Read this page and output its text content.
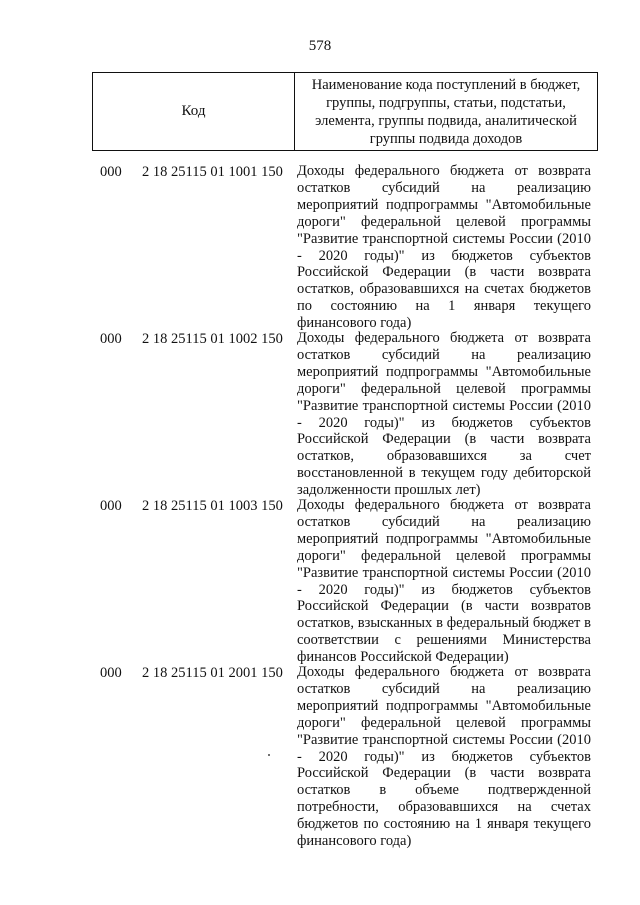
578
Код
Наименование кода поступлений в бюджет, группы, подгруппы, статьи, подстатьи, элемента, группы подвида, аналитической группы подвида доходов
000 2 18 25115 01 1001 150 Доходы федерального бюджета от возврата остатков субсидий на реализацию мероприятий подпрограммы "Автомобильные дороги" федеральной целевой программы "Развитие транспортной системы России (2010 - 2020 годы)" из бюджетов субъектов Российской Федерации (в части возврата остатков, образовавшихся на счетах бюджетов по состоянию на 1 января текущего финансового года)
000 2 18 25115 01 1002 150 Доходы федерального бюджета от возврата остатков субсидий на реализацию мероприятий подпрограммы "Автомобильные дороги" федеральной целевой программы "Развитие транспортной системы России (2010 - 2020 годы)" из бюджетов субъектов Российской Федерации (в части возврата остатков, образовавшихся за счет восстановленной в текущем году дебиторской задолженности прошлых лет)
000 2 18 25115 01 1003 150 Доходы федерального бюджета от возврата остатков субсидий на реализацию мероприятий подпрограммы "Автомобильные дороги" федеральной целевой программы "Развитие транспортной системы России (2010 - 2020 годы)" из бюджетов субъектов Российской Федерации (в части возвратов остатков, взысканных в федеральный бюджет в соответствии с решениями Министерства финансов Российской Федерации)
000 2 18 25115 01 2001 150 Доходы федерального бюджета от возврата остатков субсидий на реализацию мероприятий подпрограммы "Автомобильные дороги" федеральной целевой программы "Развитие транспортной системы России (2010 - 2020 годы)" из бюджетов субъектов Российской Федерации (в части возврата остатков в объеме подтвержденной потребности, образовавшихся на счетах бюджетов по состоянию на 1 января текущего финансового года)
